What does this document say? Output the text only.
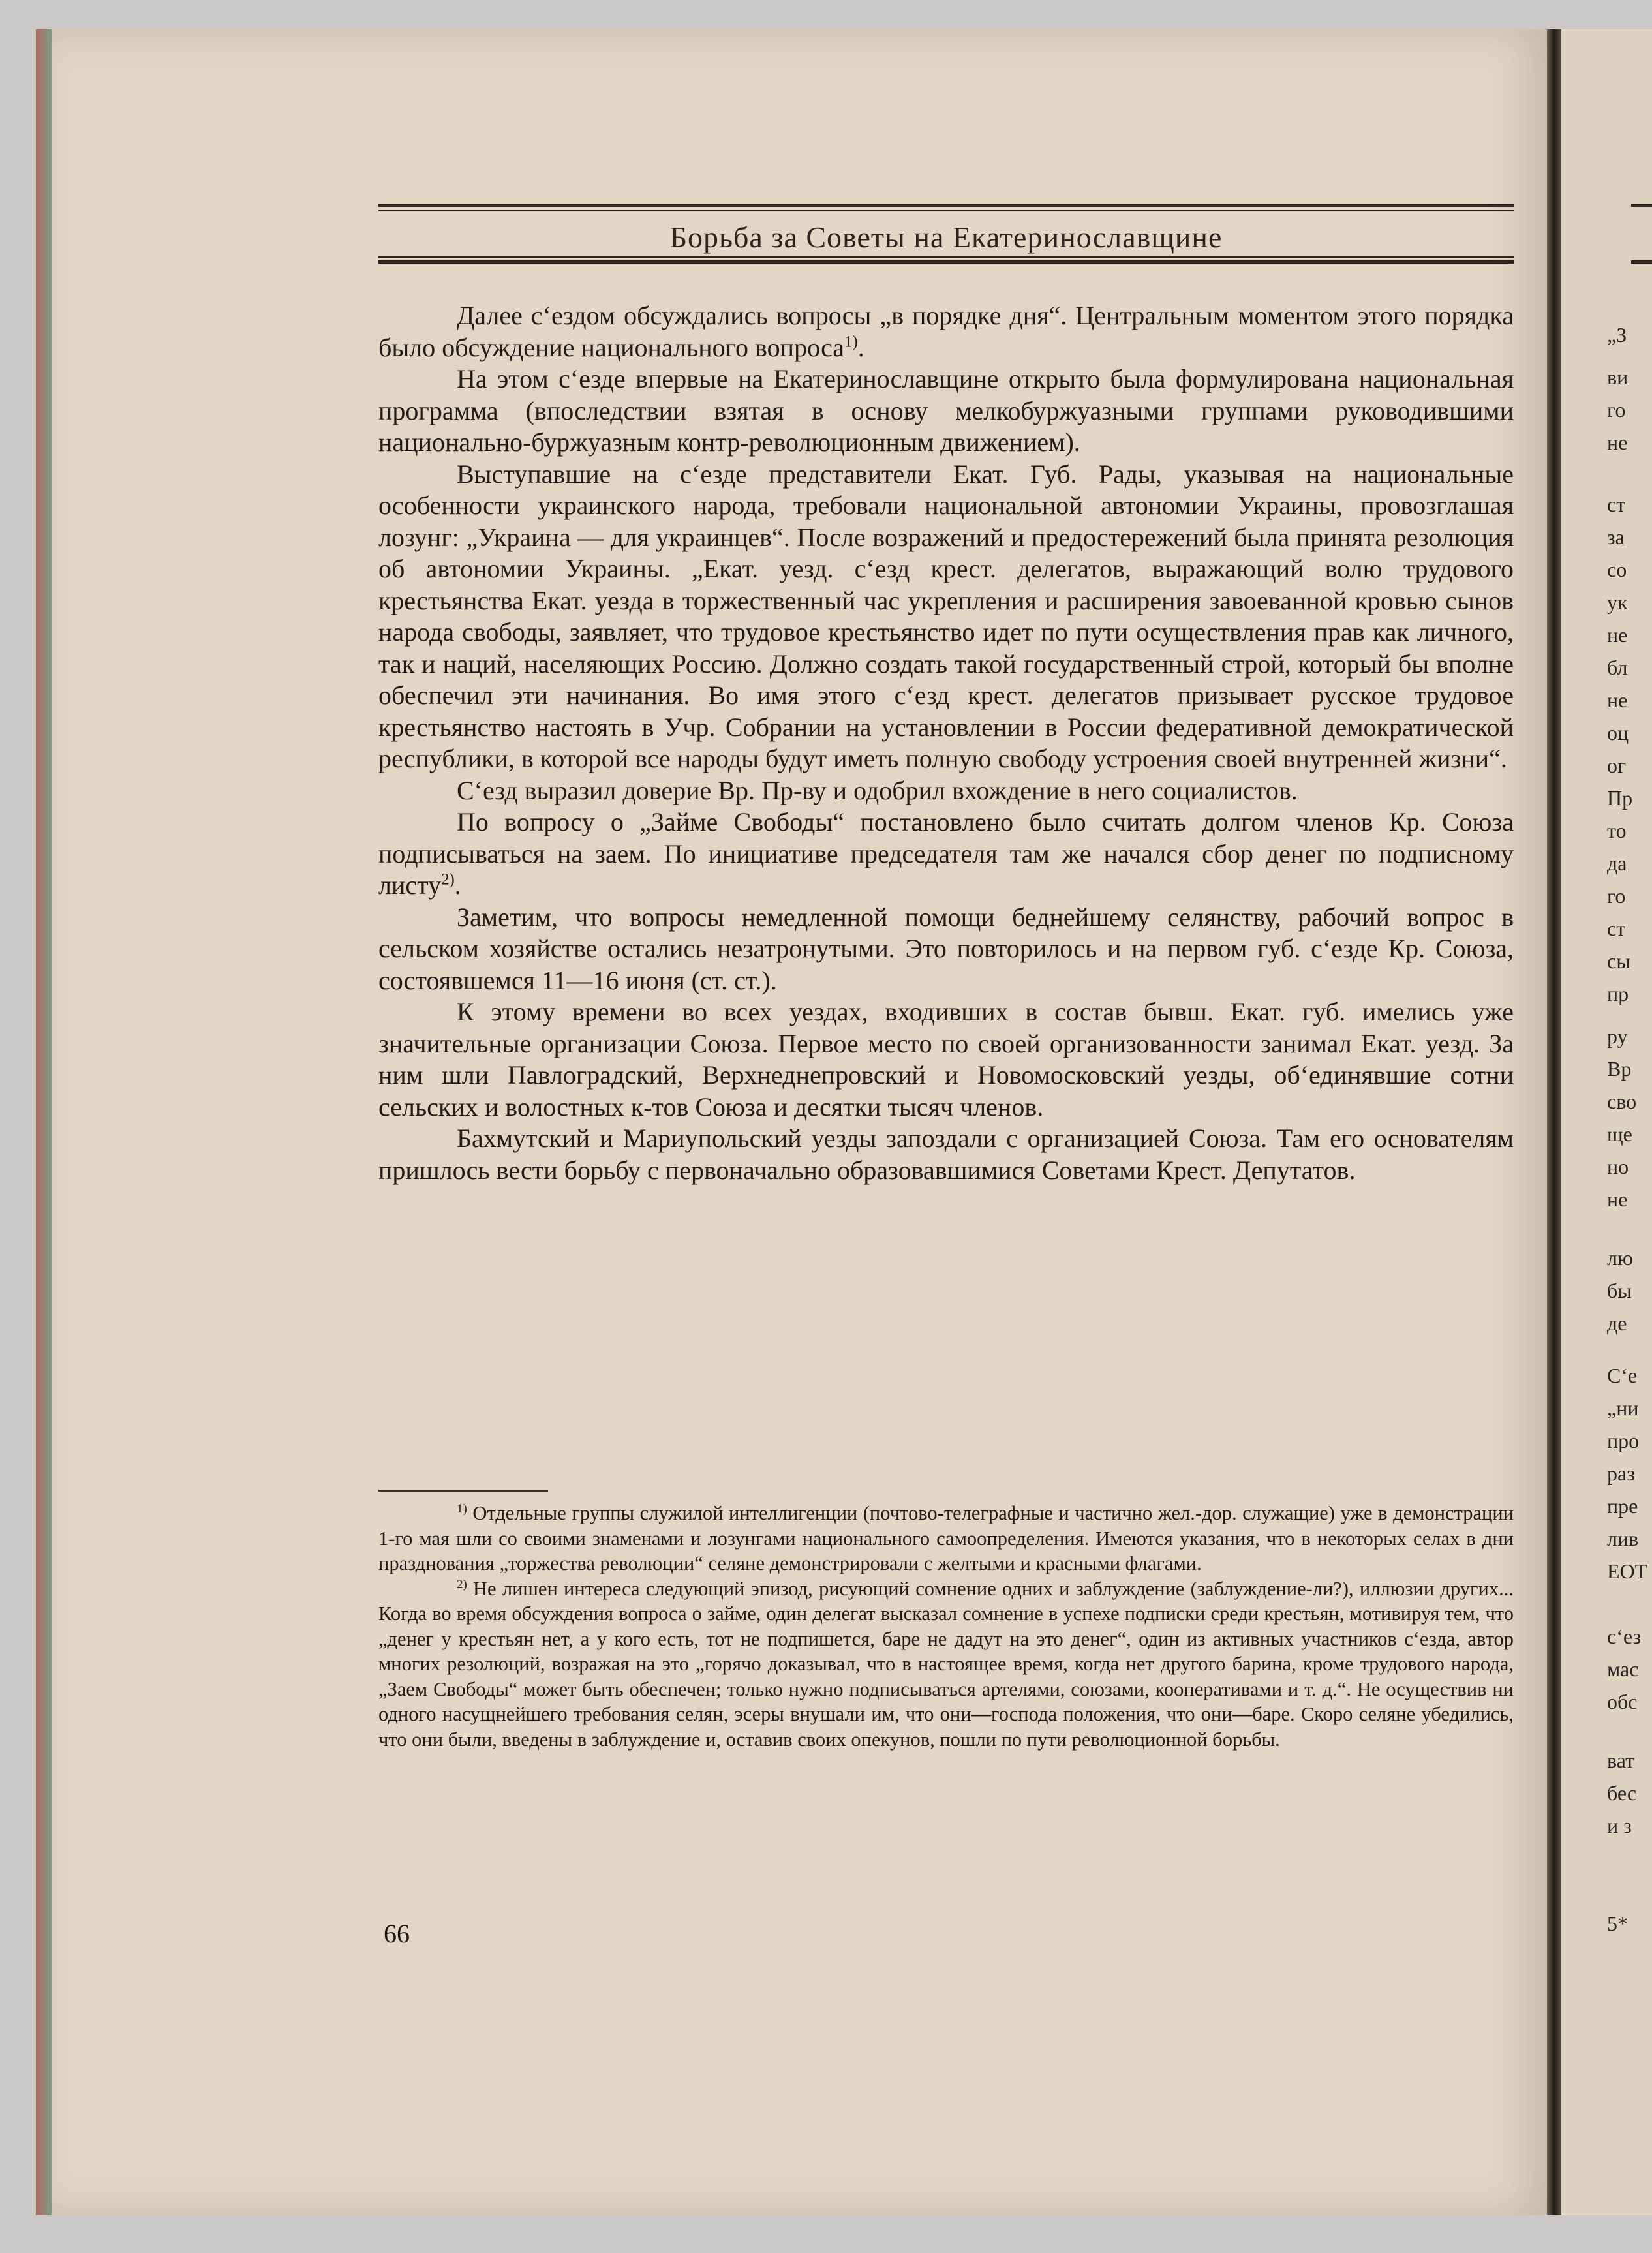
Борьба за Советы на Екатеринославщине

Далее с‘ездом обсуждались вопросы „в порядке дня“. Центральным моментом этого порядка было обсуждение национального вопроса$^{1)}$.

На этом с‘езде впервые на Екатеринославщине открыто была формулирована национальная программа (впоследствии взятая в основу мелкобуржуазными группами руководившими национально-буржуазным контр-революционным движением).

Выступавшие на с‘езде представители Екат. Губ. Рады, указывая на национальные особенности украинского народа, требовали национальной автономии Украины, провозглашая лозунг: „Украина — для украинцев“. После возражений и предостережений была принята резолюция об автономии Украины. „Екат. уезд. с‘езд крест. делегатов, выражающий волю трудового крестьянства Екат. уезда в торжественный час укрепления и расширения завоеванной кровью сынов народа свободы, заявляет, что трудовое крестьянство идет по пути осуществления прав как личного, так и наций, населяющих Россию. Должно создать такой государственный строй, который бы вполне обеспечил эти начинания. Во имя этого с‘езд крест. делегатов призывает русское трудовое крестьянство настоять в Учр. Собрании на установлении в России федеративной демократической республики, в которой все народы будут иметь полную свободу устроения своей внутренней жизни“.

С‘езд выразил доверие Вр. Пр-ву и одобрил вхождение в него социалистов.

По вопросу о „Займе Свободы“ постановлено было считать долгом членов Кр. Союза подписываться на заем. По инициативе председателя там же начался сбор денег по подписному листу$^{2)}$.

Заметим, что вопросы немедленной помощи беднейшему селянству, рабочий вопрос в сельском хозяйстве остались незатронутыми. Это повторилось и на первом губ. с‘езде Кр. Союза, состоявшемся 11—16 июня (ст. ст.).

К этому времени во всех уездах, входивших в состав бывш. Екат. губ. имелись уже значительные организации Союза. Первое место по своей организованности занимал Екат. уезд. За ним шли Павлоградский, Верхнеднепровский и Новомосковский уезды, об‘единявшие сотни сельских и волостных к-тов Союза и десятки тысяч членов.

Бахмутский и Мариупольский уезды запоздали с организацией Союза. Там его основателям пришлось вести борьбу с первоначально образовавшимися Советами Крест. Депутатов.

$^{1)}$ Отдельные группы служилой интеллигенции (почтово-телеграфные и частично жел.-дор. служащие) уже в демонстрации 1-го мая шли со своими знаменами и лозунгами национального самоопределения. Имеются указания, что в некоторых селах в дни празднования „торжества революции“ селяне демонстрировали с желтыми и красными флагами.

$^{2)}$ Не лишен интереса следующий эпизод, рисующий сомнение одних и заблуждение (заблуждение-ли?), иллюзии других... Когда во время обсуждения вопроса о займе, один делегат высказал сомнение в успехе подписки среди крестьян, мотивируя тем, что „денег у крестьян нет, а у кого есть, тот не подпишется, баре не дадут на это денег“, один из активных участников с‘езда, автор многих резолюций, возражая на это „горячо доказывал, что в настоящее время, когда нет другого барина, кроме трудового народа, „Заем Свободы“ может быть обеспечен; только нужно подписываться артелями, союзами, кооперативами и т. д.“. Не осуществив ни одного насущнейшего требования селян, эсеры внушали им, что они—господа положения, что они—баре. Скоро селяне убедились, что они были, введены в заблуждение и, оставив своих опекунов, пошли по пути революционной борьбы.

66
„З
ви
го
не
ст
за
со
ук
не
бл
не
оц
ог
Пр
то
да
го
ст
сы
пр
ру
Вр
сво
ще
но
не
лю
бы
де
С‘е
„ни
про
раз
пре
лив
ЕОТ
с‘ез
мас
обс
ват
бес
и з
5*
